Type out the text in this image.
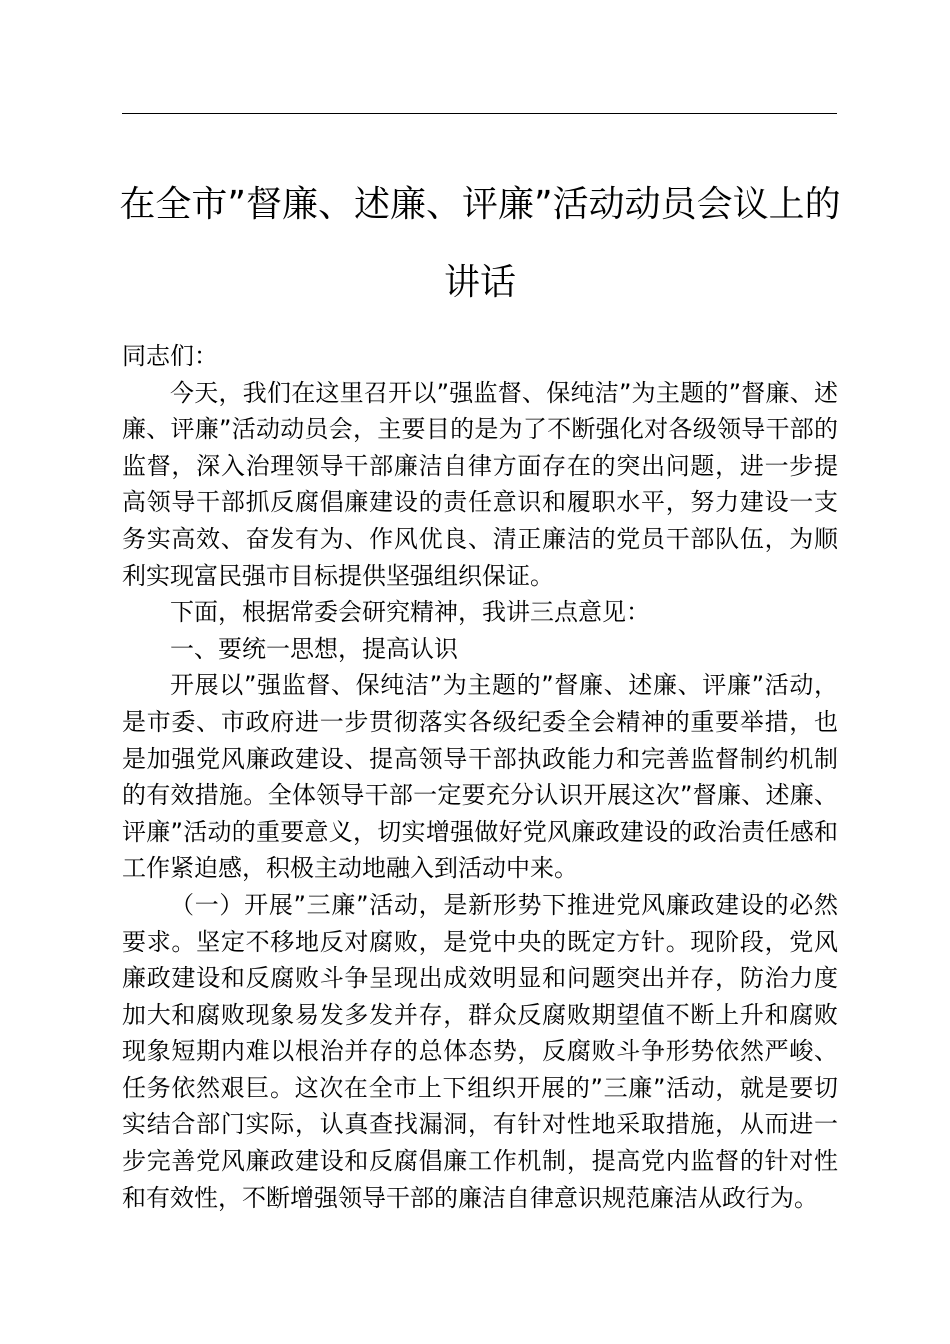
在全市”督廉、述廉、评廉”活动动员会议上的
讲话

同志们：

今天，我们在这里召开以”强监督、保纯洁”为主题的”督廉、述廉、评廉”活动动员会，主要目的是为了不断强化对各级领导干部的监督，深入治理领导干部廉洁自律方面存在的突出问题，进一步提高领导干部抓反腐倡廉建设的责任意识和履职水平，努力建设一支务实高效、奋发有为、作风优良、清正廉洁的党员干部队伍，为顺利实现富民强市目标提供坚强组织保证。

下面，根据常委会研究精神，我讲三点意见：

一、要统一思想，提高认识

开展以”强监督、保纯洁”为主题的”督廉、述廉、评廉”活动，是市委、市政府进一步贯彻落实各级纪委全会精神的重要举措，也是加强党风廉政建设、提高领导干部执政能力和完善监督制约机制的有效措施。全体领导干部一定要充分认识开展这次”督廉、述廉、评廉”活动的重要意义，切实增强做好党风廉政建设的政治责任感和工作紧迫感，积极主动地融入到活动中来。

（一）开展”三廉”活动，是新形势下推进党风廉政建设的必然要求。坚定不移地反对腐败，是党中央的既定方针。现阶段，党风廉政建设和反腐败斗争呈现出成效明显和问题突出并存，防治力度加大和腐败现象易发多发并存，群众反腐败期望值不断上升和腐败现象短期内难以根治并存的总体态势，反腐败斗争形势依然严峻、任务依然艰巨。这次在全市上下组织开展的”三廉”活动，就是要切实结合部门实际，认真查找漏洞，有针对性地采取措施，从而进一步完善党风廉政建设和反腐倡廉工作机制，提高党内监督的针对性和有效性，不断增强领导干部的廉洁自律意识规范廉洁从政行为。
